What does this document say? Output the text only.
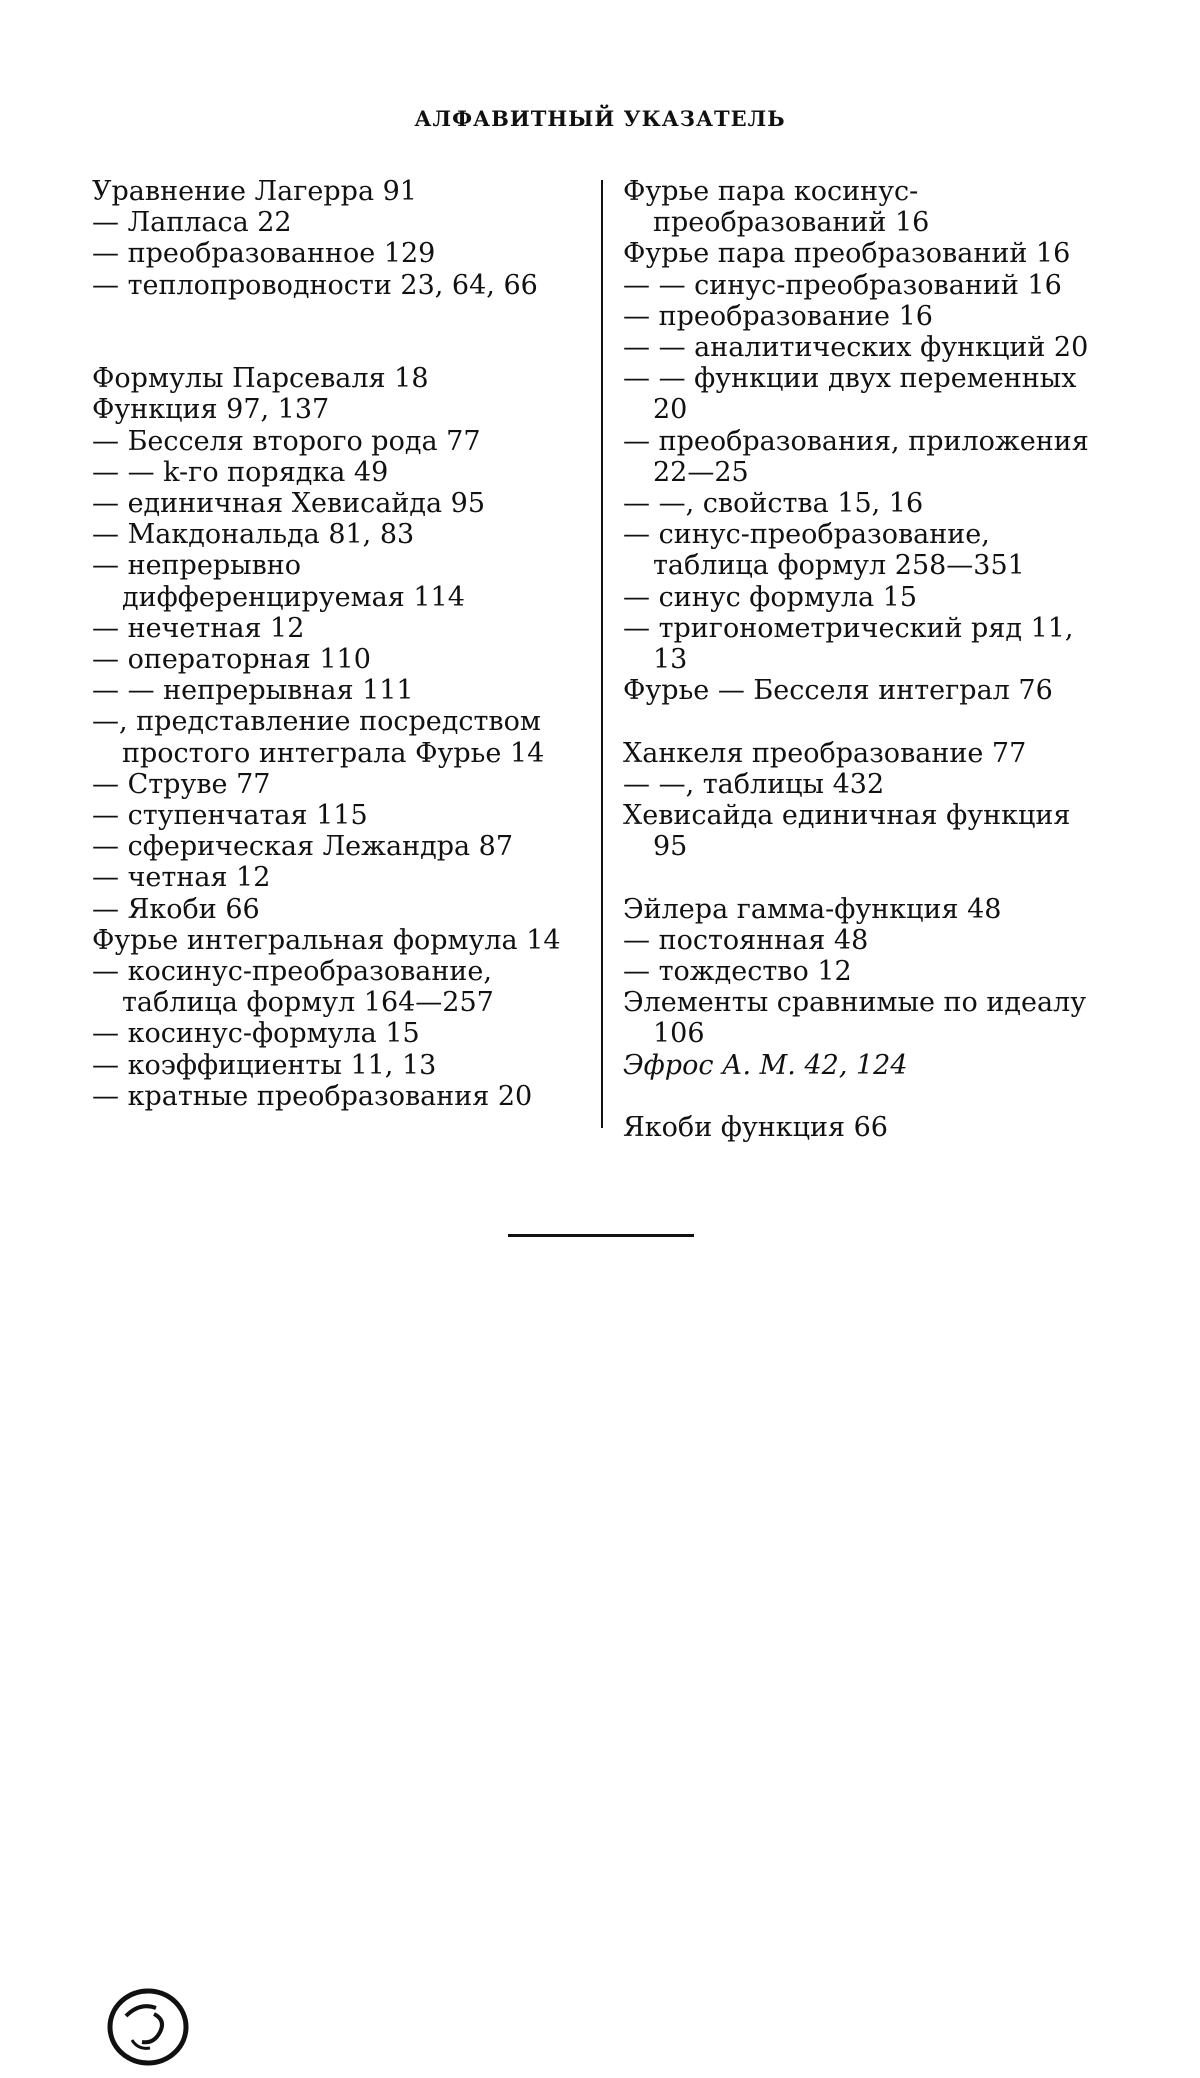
АЛФАВИТНЫЙ УКАЗАТЕЛЬ
Уравнение Лагерра 91
— Лапласа 22
— преобразованное 129
— теплопроводности 23, 64, 66
Формулы Парсеваля 18
Функция 97, 137
— Бесселя второго рода 77
— — k-го порядка 49
— единичная Хевисайда 95
— Макдональда 81, 83
— непрерывно дифференцируемая 114
— нечетная 12
— операторная 110
— — непрерывная 111
—, представление посредством простого интеграла Фурье 14
— Струве 77
— ступенчатая 115
— сферическая Лежандра 87
— четная 12
— Якоби 66
Фурье интегральная формула 14
— косинус-преобразование, таблица формул 164—257
— косинус-формула 15
— коэффициенты 11, 13
— кратные преобразования 20
Фурье пара косинус-преобразований 16
Фурье пара преобразований 16
— — синус-преобразований 16
— преобразование 16
— — аналитических функций 20
— — функции двух переменных 20
— преобразования, приложения 22—25
— —, свойства 15, 16
— синус-преобразование, таблица формул 258—351
— синус формула 15
— тригонометрический ряд 11, 13
Фурье — Бесселя интеграл 76
Ханкеля преобразование 77
— —, таблицы 432
Хевисайда единичная функция 95
Эйлера гамма-функция 48
— постоянная 48
— тождество 12
Элементы сравнимые по идеалу 106
Эфрос А. М. 42, 124
Якоби функция 66
